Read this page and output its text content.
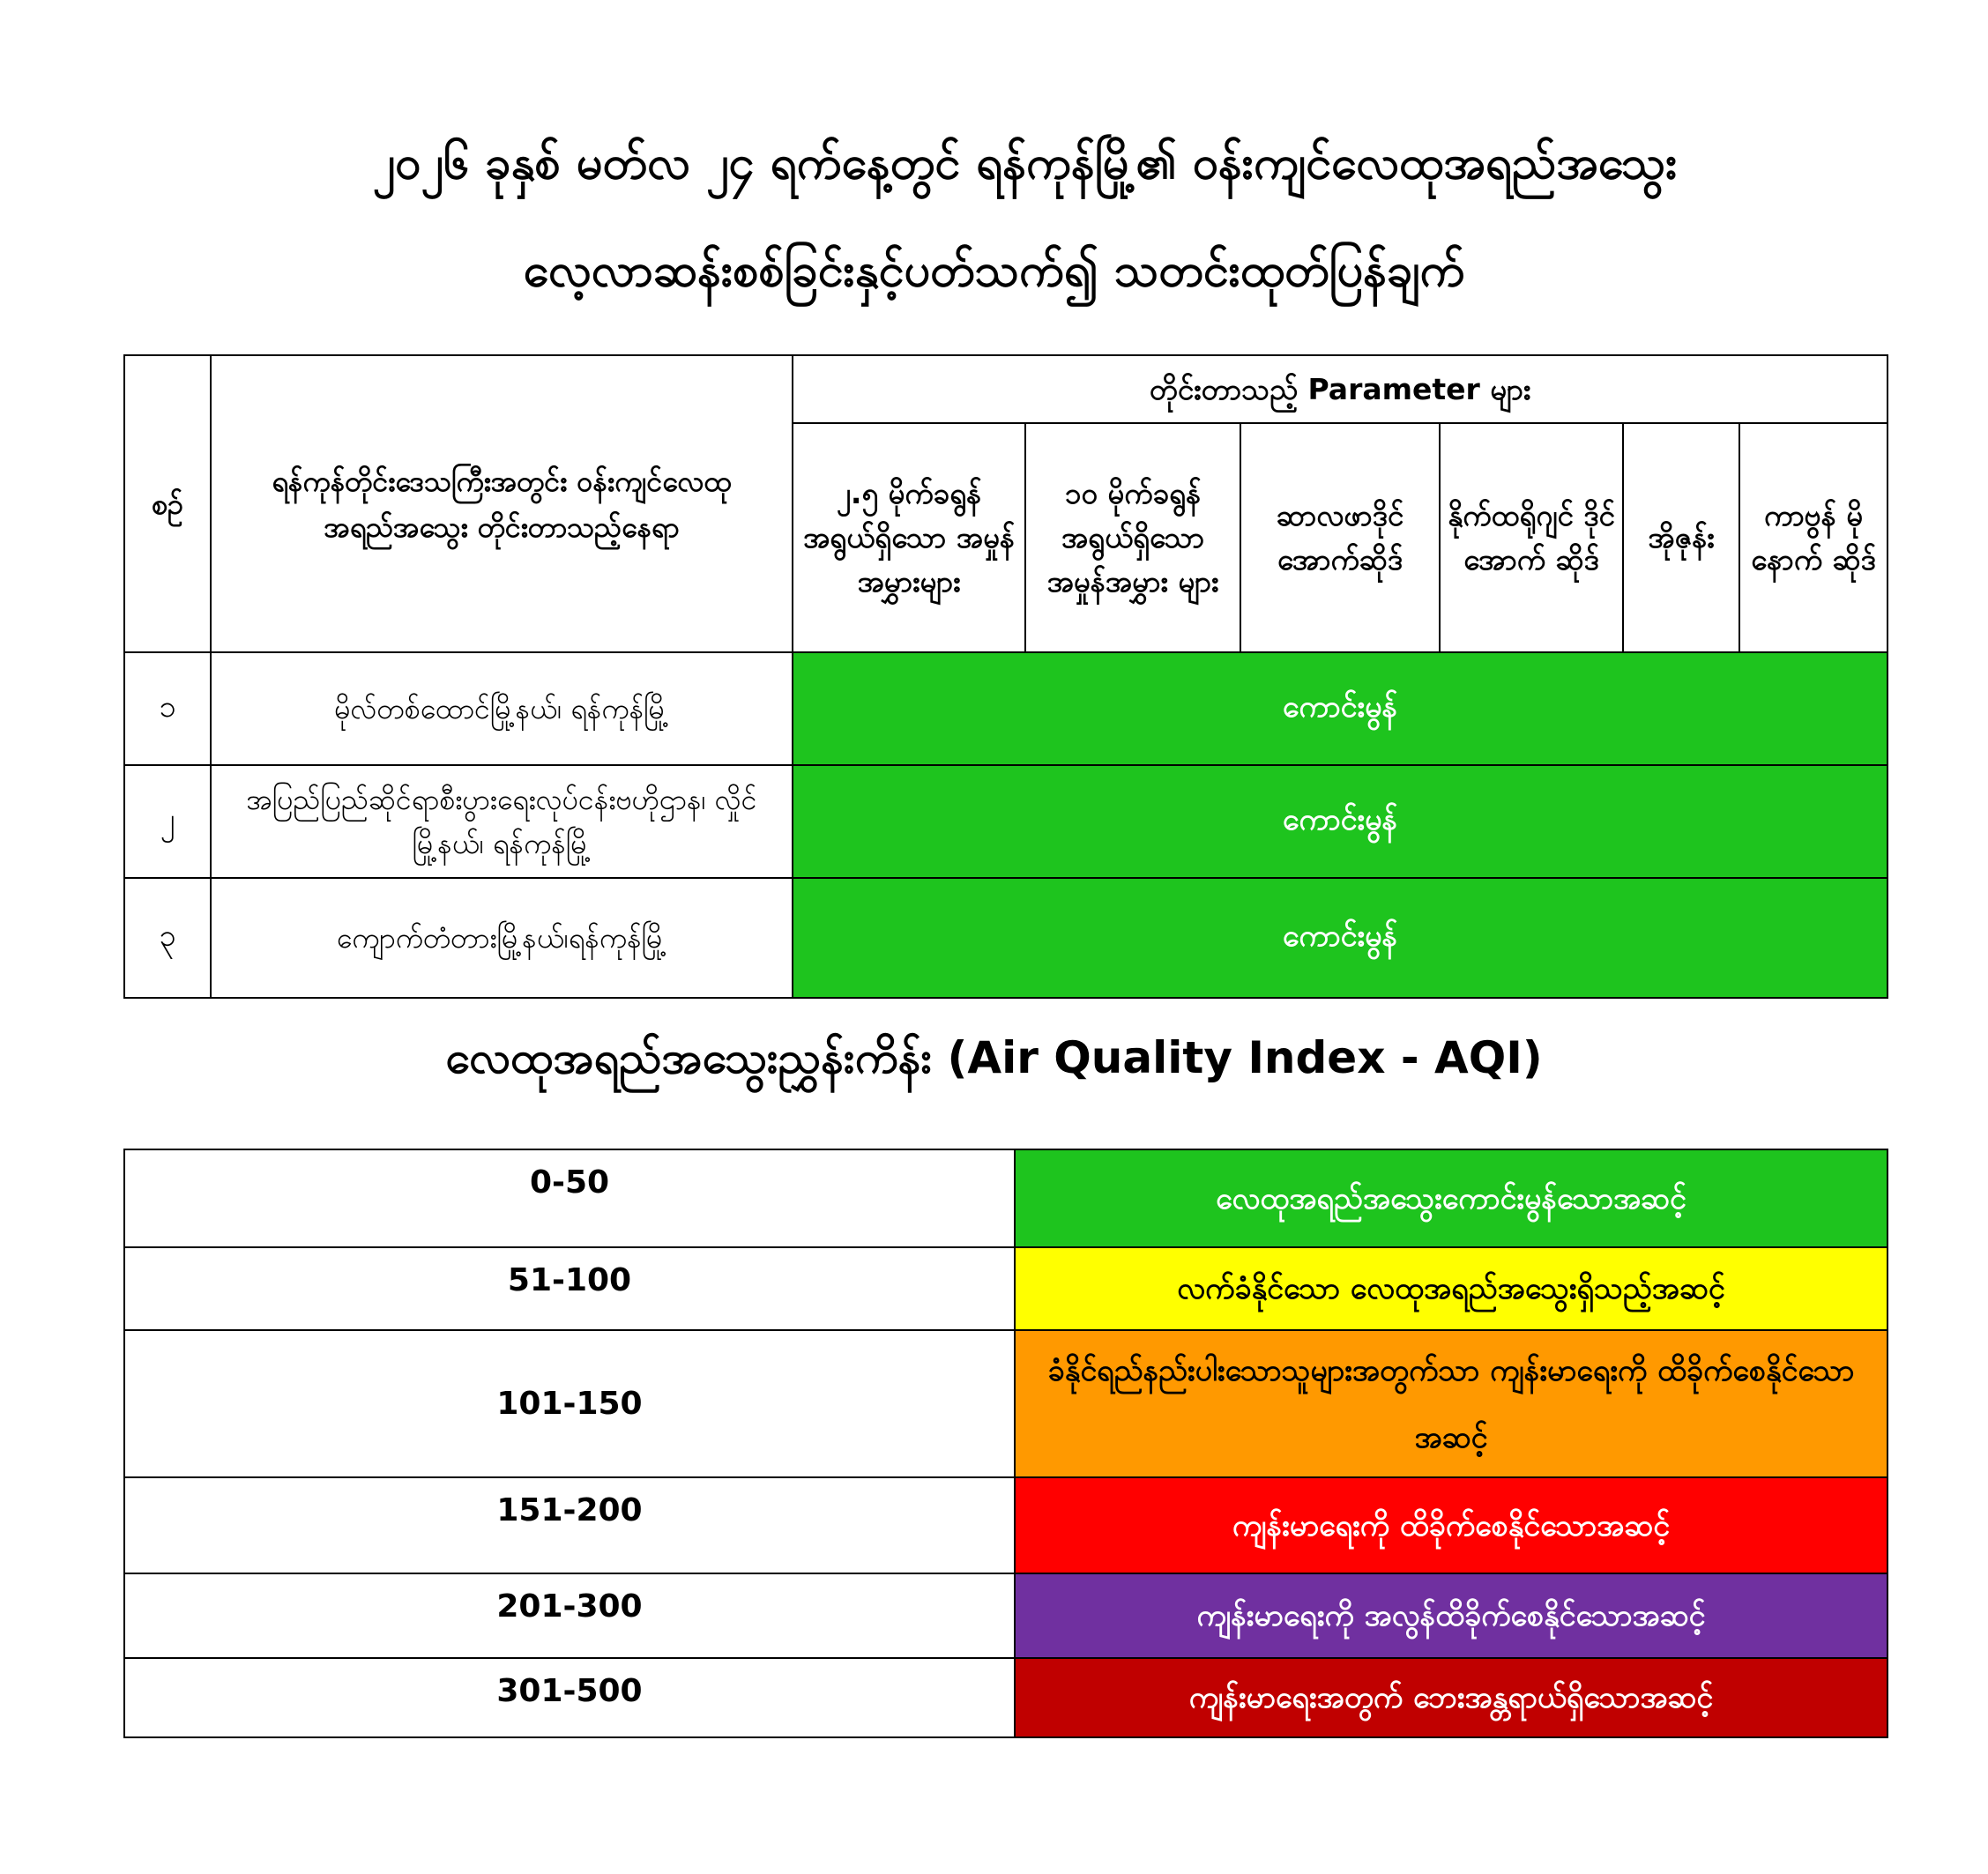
၂၀၂၆ ခုနှစ် မတ်လ ၂၄ ရက်နေ့တွင် ရန်ကုန်မြို့၏ ဝန်းကျင်လေထုအရည်အသွေး
လေ့လာဆန်းစစ်ခြင်းနှင့်ပတ်သက်၍ သတင်းထုတ်ပြန်ချက်
စဉ်	ရန်ကုန်တိုင်းဒေသကြီးအတွင်း ဝန်းကျင်လေထု အရည်အသွေး တိုင်းတာသည့်နေရာ	တိုင်းတာသည့် Parameter များ					
		၂.၅ မိုက်ခရွန် အရွယ်ရှိသော အမှုန်အမွှားများ	၁၀ မိုက်ခရွန် အရွယ်ရှိသော အမှုန်အမွှား များ	ဆာလဖာဒိုင် အောက်ဆိုဒ်	နိုက်ထရိုဂျင် ဒိုင်အောက် ဆိုဒ်	အိုဇုန်း	ကာဗွန် မိုနောက် ဆိုဒ်
၁	မိုလ်တစ်ထောင်မြို့နယ်၊ ရန်ကုန်မြို့	ကောင်းမွန်					
၂	အပြည်ပြည်ဆိုင်ရာစီးပွားရေးလုပ်ငန်းဗဟိုဌာန၊ လှိုင်မြို့နယ်၊ ရန်ကုန်မြို့	ကောင်းမွန်					
၃	ကျောက်တံတားမြို့နယ်၊ရန်ကုန်မြို့	ကောင်းမွန်					
လေထုအရည်အသွေးညွှန်းကိန်း (Air Quality Index - AQI)
0-50	လေထုအရည်အသွေးကောင်းမွန်သောအဆင့်
51-100	လက်ခံနိုင်သော လေထုအရည်အသွေးရှိသည့်အဆင့်
101-150	ခံနိုင်ရည်နည်းပါးသောသူများအတွက်သာ ကျန်းမာရေးကို ထိခိုက်စေနိုင်သောအဆင့်
151-200	ကျန်းမာရေးကို ထိခိုက်စေနိုင်သောအဆင့်
201-300	ကျန်းမာရေးကို အလွန်ထိခိုက်စေနိုင်သောအဆင့်
301-500	ကျန်းမာရေးအတွက် ဘေးအန္တရာယ်ရှိသောအဆင့်
